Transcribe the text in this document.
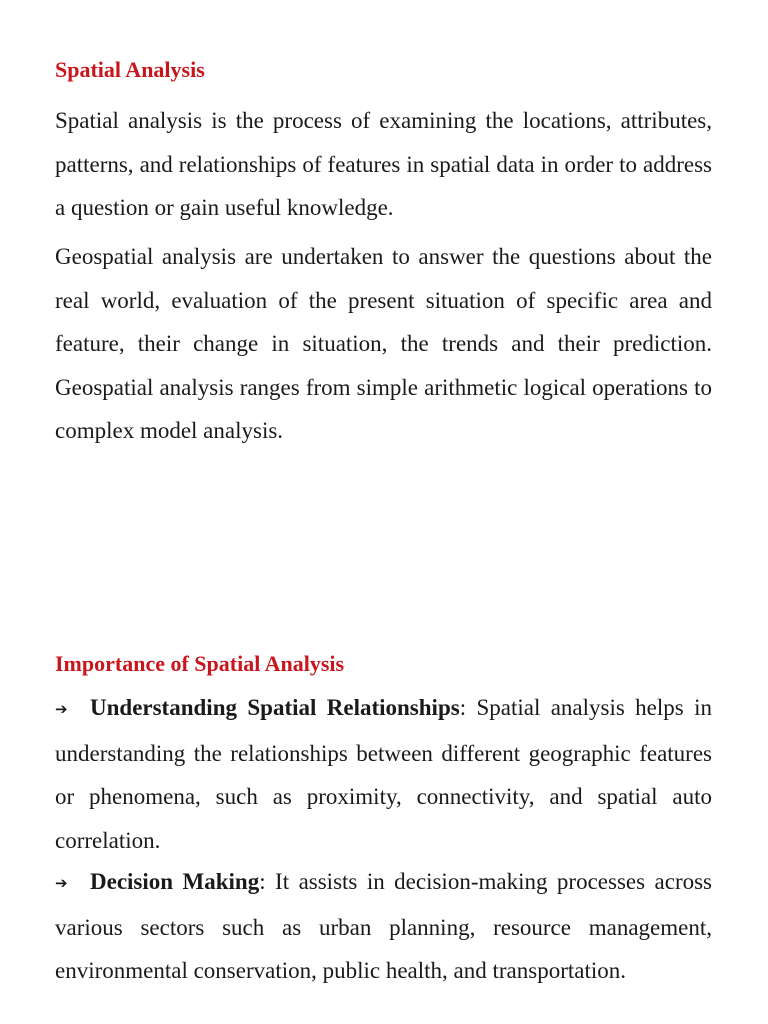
Spatial Analysis

Spatial analysis is the process of examining the locations, attributes, patterns, and relationships of features in spatial data in order to address a question or gain useful knowledge.

Geospatial analysis are undertaken to answer the questions about the real world, evaluation of the present situation of specific area and feature, their change in situation, the trends and their prediction. Geospatial analysis ranges from simple arithmetic logical operations to complex model analysis.

Importance of Spatial Analysis

➔ Understanding Spatial Relationships: Spatial analysis helps in understanding the relationships between different geographic features or phenomena, such as proximity, connectivity, and spatial auto correlation.

➔ Decision Making: It assists in decision-making processes across various sectors such as urban planning, resource management, environmental conservation, public health, and transportation.
